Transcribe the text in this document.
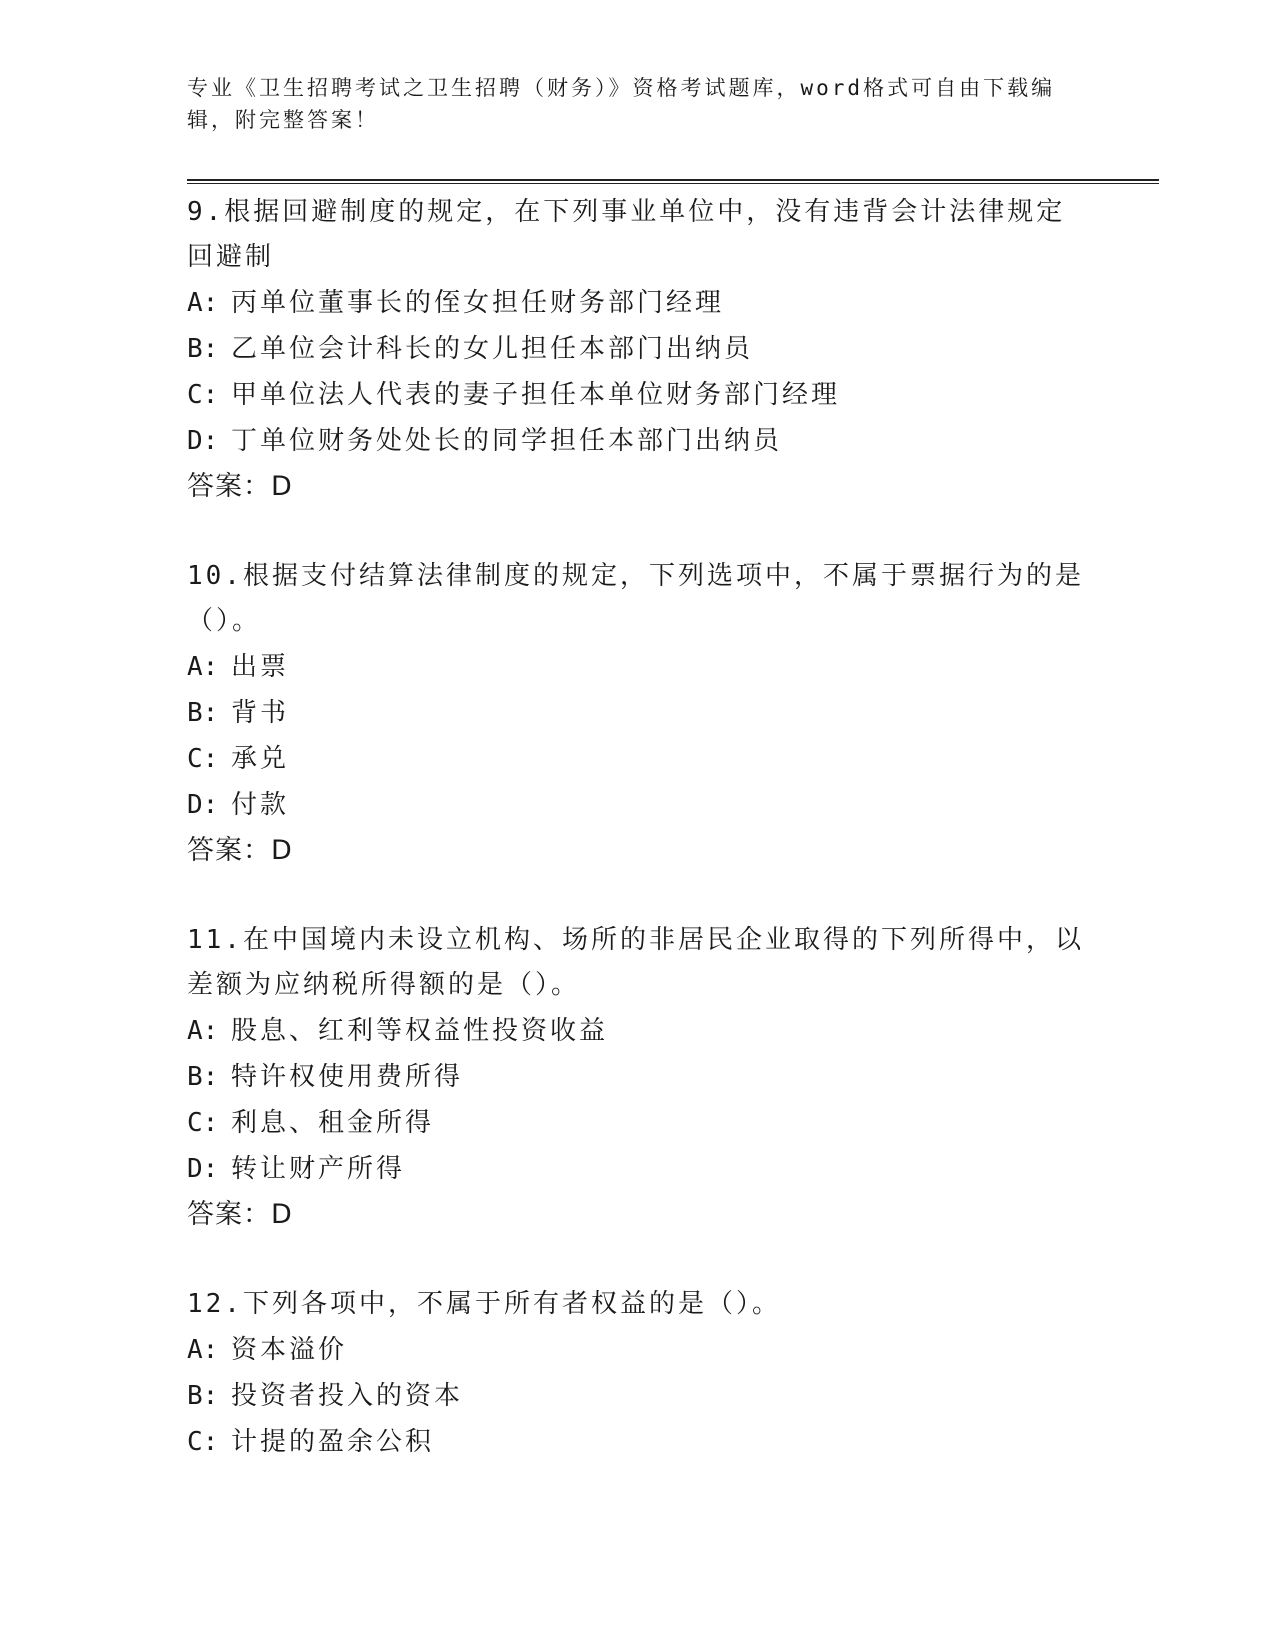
专业《卫生招聘考试之卫生招聘（财务）》资格考试题库，word格式可自由下载编辑，附完整答案！
9.根据回避制度的规定，在下列事业单位中，没有违背会计法律规定回避制
A: 丙单位董事长的侄女担任财务部门经理
B: 乙单位会计科长的女儿担任本部门出纳员
C: 甲单位法人代表的妻子担任本单位财务部门经理
D: 丁单位财务处处长的同学担任本部门出纳员
答案：D
10.根据支付结算法律制度的规定，下列选项中，不属于票据行为的是（）。
A: 出票
B: 背书
C: 承兑
D: 付款
答案：D
11.在中国境内未设立机构、场所的非居民企业取得的下列所得中，以差额为应纳税所得额的是（）。
A: 股息、红利等权益性投资收益
B: 特许权使用费所得
C: 利息、租金所得
D: 转让财产所得
答案：D
12.下列各项中，不属于所有者权益的是（）。
A: 资本溢价
B: 投资者投入的资本
C: 计提的盈余公积
